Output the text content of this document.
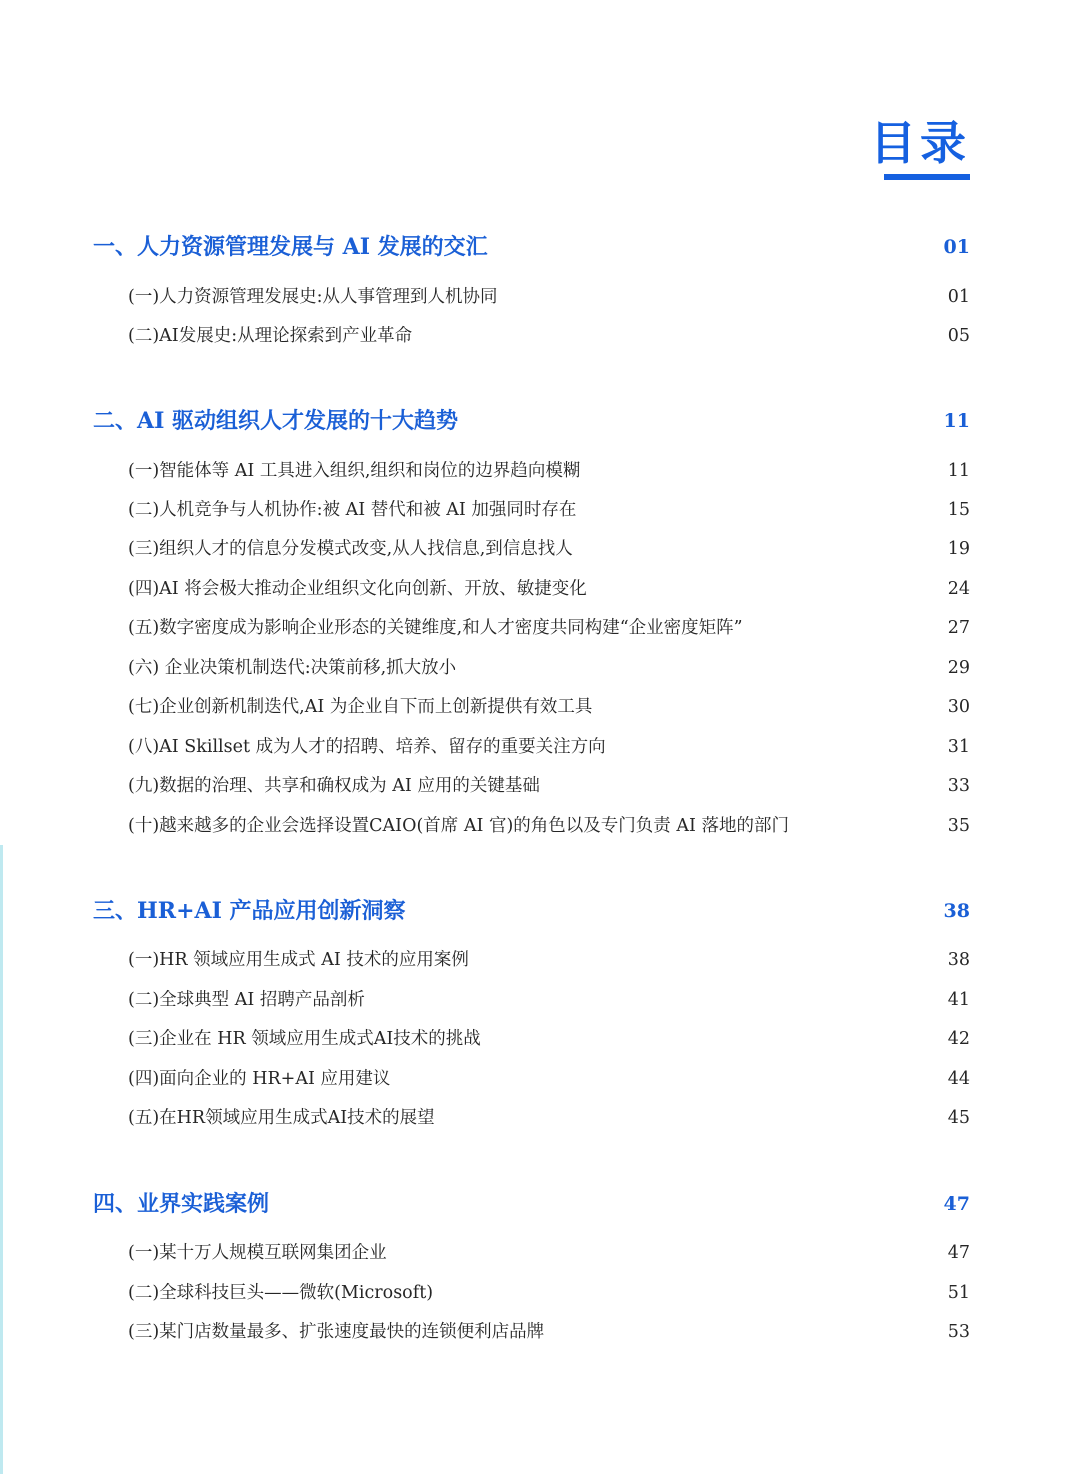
目录
一、人力资源管理发展与 AI 发展的交汇	01
(一)人力资源管理发展史:从人事管理到人机协同	01
(二)AI发展史:从理论探索到产业革命	05
二、AI 驱动组织人才发展的十大趋势	11
(一)智能体等 AI 工具进入组织,组织和岗位的边界趋向模糊	11
(二)人机竞争与人机协作:被 AI 替代和被 AI 加强同时存在	15
(三)组织人才的信息分发模式改变,从人找信息,到信息找人	19
(四)AI 将会极大推动企业组织文化向创新、开放、敏捷变化	24
(五)数字密度成为影响企业形态的关键维度,和人才密度共同构建“企业密度矩阵”	27
(六) 企业决策机制迭代:决策前移,抓大放小	29
(七)企业创新机制迭代,AI 为企业自下而上创新提供有效工具	30
(八)AI Skillset 成为人才的招聘、培养、留存的重要关注方向	31
(九)数据的治理、共享和确权成为 AI 应用的关键基础	33
(十)越来越多的企业会选择设置CAIO(首席 AI 官)的角色以及专门负责 AI 落地的部门	35
三、HR+AI 产品应用创新洞察	38
(一)HR 领域应用生成式 AI 技术的应用案例	38
(二)全球典型 AI 招聘产品剖析	41
(三)企业在 HR 领域应用生成式AI技术的挑战	42
(四)面向企业的 HR+AI 应用建议	44
(五)在HR领域应用生成式AI技术的展望	45
四、业界实践案例	47
(一)某十万人规模互联网集团企业	47
(二)全球科技巨头——微软(Microsoft)	51
(三)某门店数量最多、扩张速度最快的连锁便利店品牌	53
